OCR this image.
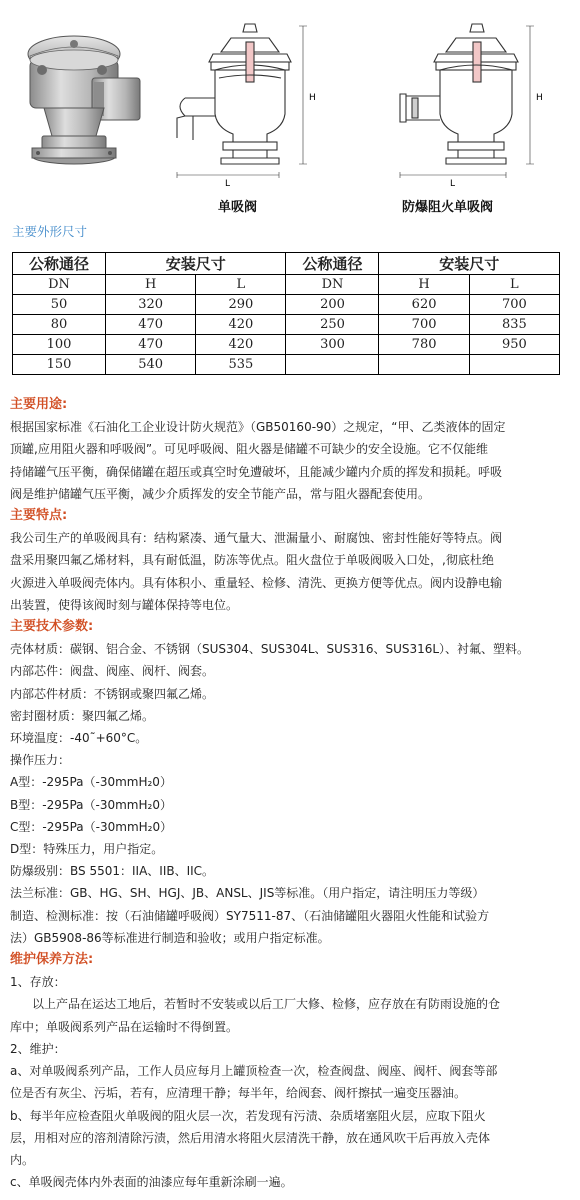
H
L
H
L
单吸阀	防爆阻火单吸阀
主要外形尺寸
公称通径	安装尺寸		公称通径	安装尺寸	
DN	H	L	DN	H	L
50	320	290	200	620	700
80	470	420	250	700	835
100	470	420	300	780	950
150	540	535			
主要用途:
根据国家标准《石油化工企业设计防火规范》（GB50160-90）之规定，“甲、乙类液体的固定
顶罐,应用阻火器和呼吸阀”。可见呼吸阀、阻火器是储罐不可缺少的安全设施。它不仅能维
持储罐气压平衡，确保储罐在超压或真空时免遭破坏，且能减少罐内介质的挥发和损耗。呼吸
阀是维护储罐气压平衡，减少介质挥发的安全节能产品，常与阻火器配套使用。
主要特点:
我公司生产的单吸阀具有：结构紧凑、通气量大、泄漏量小、耐腐蚀、密封性能好等特点。阀
盘采用聚四氟乙烯材料，具有耐低温，防冻等优点。阻火盘位于单吸阀吸入口处，,彻底杜绝
火源进入单吸阀壳体内。具有体积小、重量轻、检修、清洗、更换方便等优点。阀内设静电输
出装置，使得该阀时刻与罐体保持等电位。
主要技术参数:
壳体材质：碳钢、铝合金、不锈钢（SUS304、SUS304L、SUS316、SUS316L）、衬氟、塑料。
内部芯件：阀盘、阀座、阀杆、阀套。
内部芯件材质：不锈钢或聚四氟乙烯。
密封圈材质：聚四氟乙烯。
环境温度：-40˜+60°C。
操作压力：
A型：-295Pa（-30mmH₂0）
B型：-295Pa（-30mmH₂0）
C型：-295Pa（-30mmH₂0）
D型：特殊压力，用户指定。
防爆级别：BS 5501：IIA、IIB、IIC。
法兰标准：GB、HG、SH、HGJ、JB、ANSL、JIS等标准。（用户指定，请注明压力等级）
制造、检测标准：按（石油储罐呼吸阀）SY7511-87、（石油储罐阻火器阻火性能和试验方
法）GB5908-86等标准进行制造和验收；或用户指定标准。
维护保养方法:
1、存放：
以上产品在运达工地后，若暂时不安装或以后工厂大修、检修，应存放在有防雨设施的仓
库中；单吸阀系列产品在运输时不得倒置。
2、维护：
a、对单吸阀系列产品，工作人员应每月上罐顶检查一次，检查阀盘、阀座、阀杆、阀套等部
位是否有灰尘、污垢，若有，应清理干静；每半年，给阀套、阀杆擦拭一遍变压器油。
b、每半年应检查阻火单吸阀的阻火层一次，若发现有污渍、杂质堵塞阻火层，应取下阻火
层，用相对应的溶剂清除污渍，然后用清水将阻火层清洗干静，放在通风吹干后再放入壳体
内。
c、单吸阀壳体内外表面的油漆应每年重新涂刷一遍。
